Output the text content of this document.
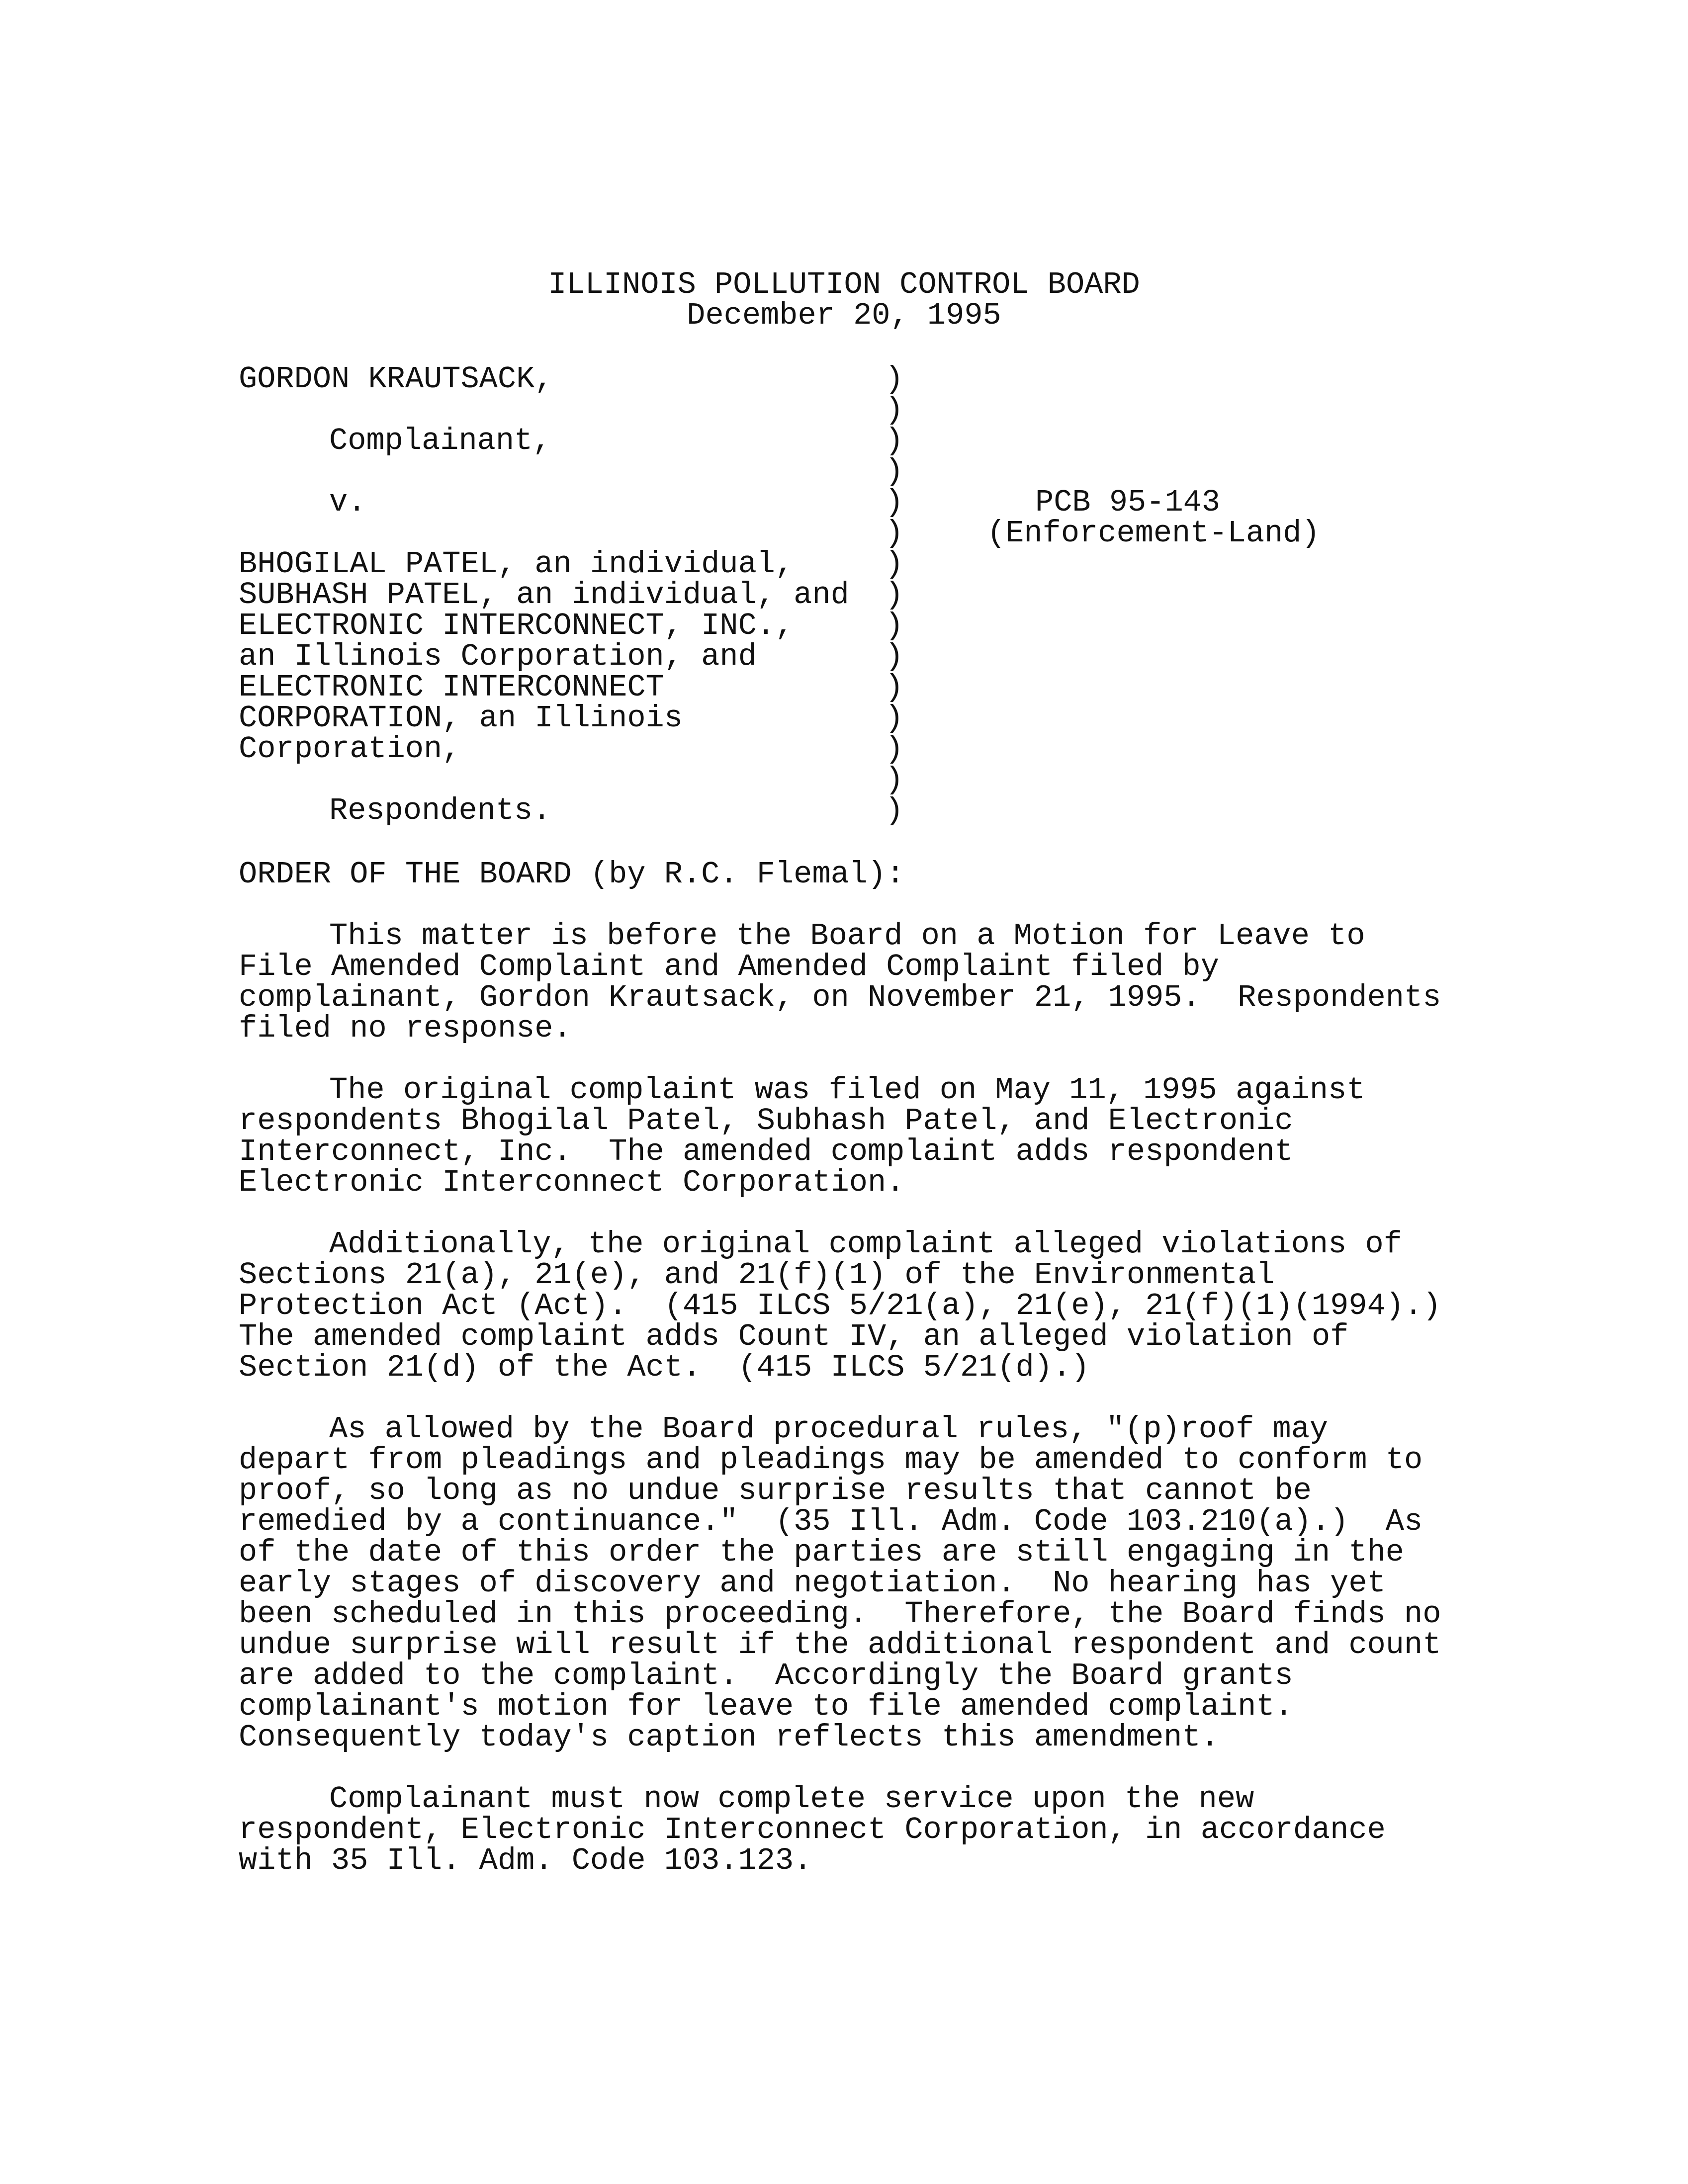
ILLINOIS POLLUTION CONTROL BOARD
December 20, 1995
GORDON KRAUTSACK,
Complainant,
v.
BHOGILAL PATEL, an individual,
SUBHASH PATEL, an individual, and
ELECTRONIC INTERCONNECT, INC.,
an Illinois Corporation, and
ELECTRONIC INTERCONNECT
CORPORATION, an Illinois
Corporation,
Respondents.
)
)
)
)
)
)
)
)
)
)
)
)
)
)
)
PCB 95-143
(Enforcement-Land)
ORDER OF THE BOARD (by R.C. Flemal):
This matter is before the Board on a Motion for Leave to
File Amended Complaint and Amended Complaint filed by
complainant, Gordon Krautsack, on November 21, 1995.  Respondents
filed no response.
The original complaint was filed on May 11, 1995 against
respondents Bhogilal Patel, Subhash Patel, and Electronic
Interconnect, Inc.  The amended complaint adds respondent
Electronic Interconnect Corporation.
Additionally, the original complaint alleged violations of
Sections 21(a), 21(e), and 21(f)(1) of the Environmental
Protection Act (Act).  (415 ILCS 5/21(a), 21(e), 21(f)(1)(1994).)
The amended complaint adds Count IV, an alleged violation of
Section 21(d) of the Act.  (415 ILCS 5/21(d).)
As allowed by the Board procedural rules, "(p)roof may
depart from pleadings and pleadings may be amended to conform to
proof, so long as no undue surprise results that cannot be
remedied by a continuance."  (35 Ill. Adm. Code 103.210(a).)  As
of the date of this order the parties are still engaging in the
early stages of discovery and negotiation.  No hearing has yet
been scheduled in this proceeding.  Therefore, the Board finds no
undue surprise will result if the additional respondent and count
are added to the complaint.  Accordingly the Board grants
complainant's motion for leave to file amended complaint.
Consequently today's caption reflects this amendment.
Complainant must now complete service upon the new
respondent, Electronic Interconnect Corporation, in accordance
with 35 Ill. Adm. Code 103.123.
